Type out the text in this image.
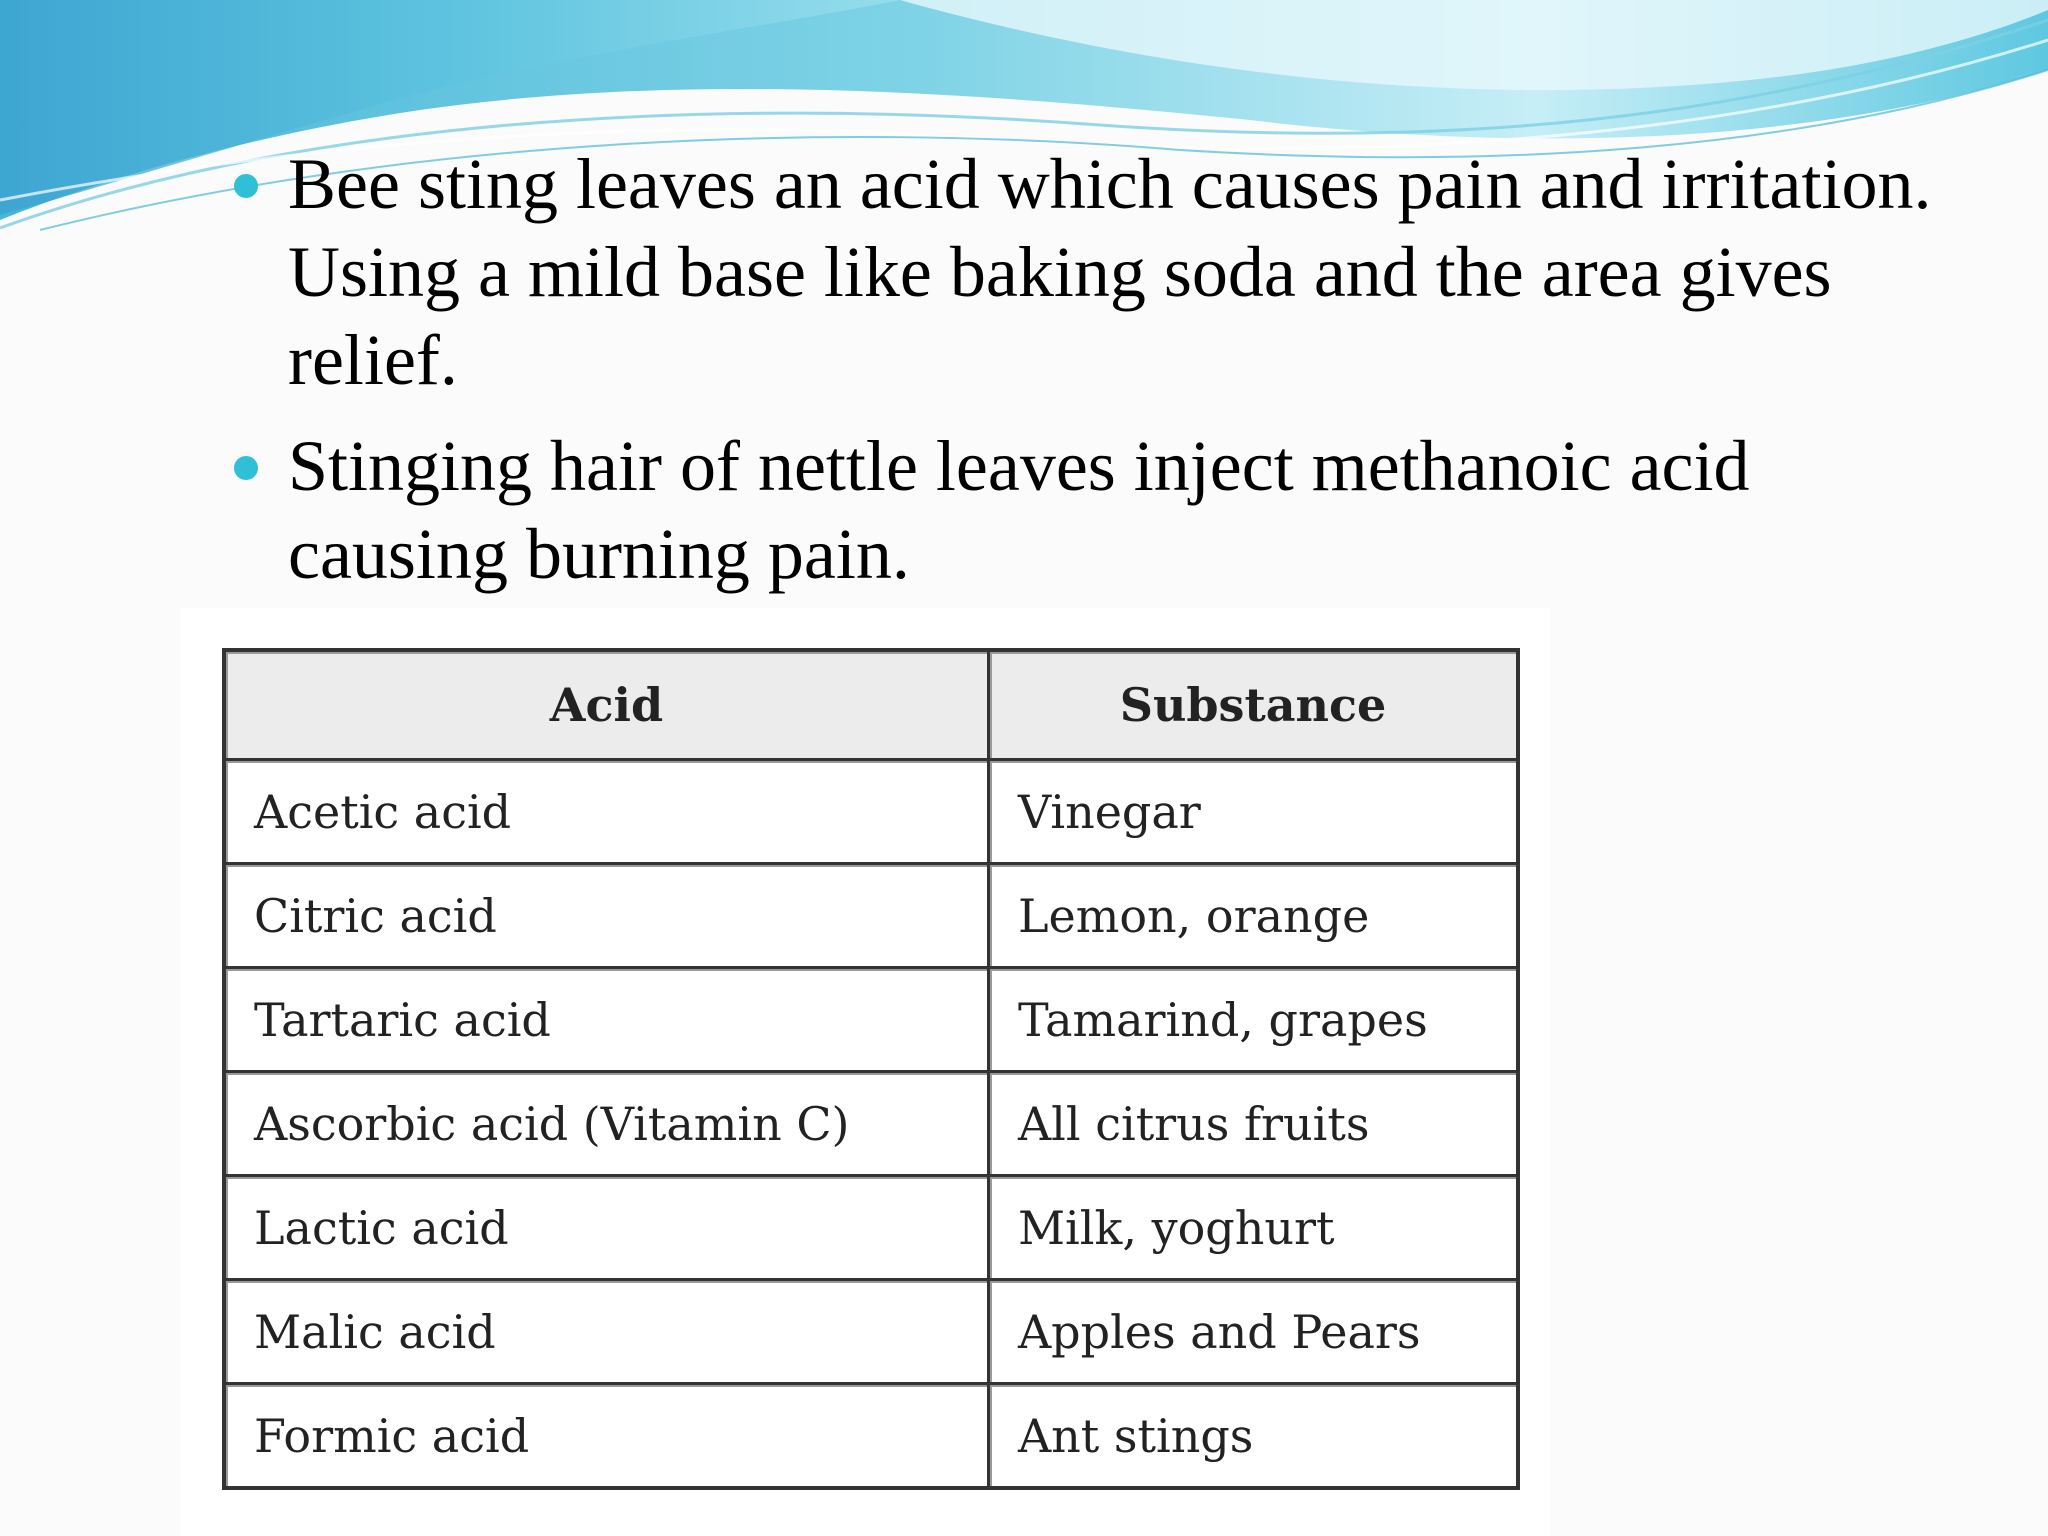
Bee sting leaves an acid which causes pain and irritation. Using a mild base like baking soda and the area gives relief.
Stinging hair of nettle leaves inject methanoic acid causing burning pain.
Acid	Substance
Acetic acid	Vinegar
Citric acid	Lemon, orange
Tartaric acid	Tamarind, grapes
Ascorbic acid (Vitamin C)	All citrus fruits
Lactic acid	Milk, yoghurt
Malic acid	Apples and Pears
Formic acid	Ant stings
